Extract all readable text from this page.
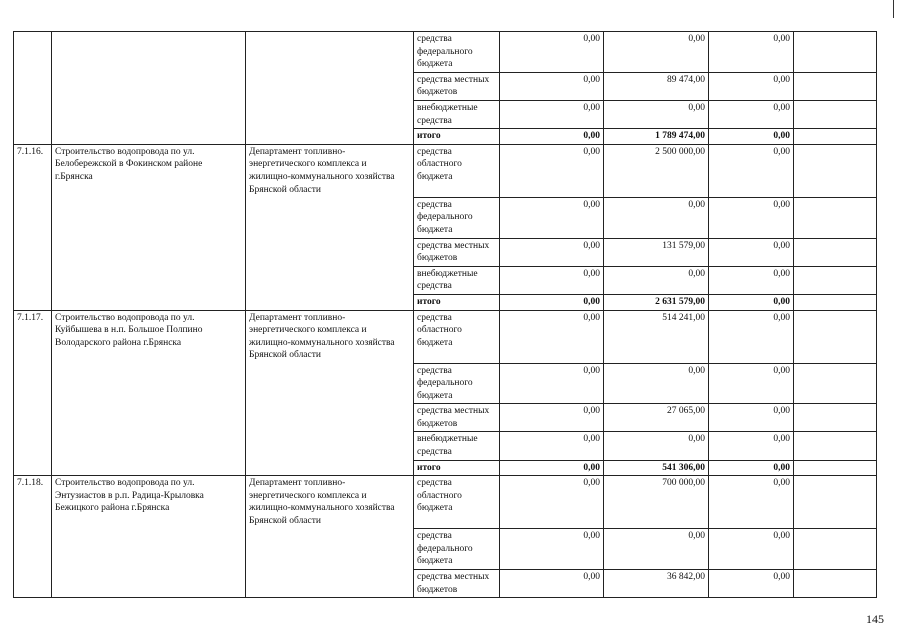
			средства федерального бюджета	0,00	0,00	0,00	
			средства местных бюджетов	0,00	89 474,00	0,00	
			внебюджетные средства	0,00	0,00	0,00	
			итого	0,00	1 789 474,00	0,00	
7.1.16.	Строительство водопровода по ул. Белобережской в Фокинском районе г.Брянска	Департамент топливно-энергетического комплекса и жилищно-коммунального хозяйства Брянской области	средства областного бюджета	0,00	2 500 000,00	0,00	
			средства федерального бюджета	0,00	0,00	0,00	
			средства местных бюджетов	0,00	131 579,00	0,00	
			внебюджетные средства	0,00	0,00	0,00	
			итого	0,00	2 631 579,00	0,00	
7.1.17.	Строительство водопровода по ул. Куйбышева в н.п. Большое Полпино Володарского района г.Брянска	Департамент топливно-энергетического комплекса и жилищно-коммунального хозяйства Брянской области	средства областного бюджета	0,00	514 241,00	0,00	
			средства федерального бюджета	0,00	0,00	0,00	
			средства местных бюджетов	0,00	27 065,00	0,00	
			внебюджетные средства	0,00	0,00	0,00	
			итого	0,00	541 306,00	0,00	
7.1.18.	Строительство водопровода по ул. Энтузиастов в р.п. Радица-Крыловка Бежицкого района г.Брянска	Департамент топливно-энергетического комплекса и жилищно-коммунального хозяйства Брянской области	средства областного бюджета	0,00	700 000,00	0,00	
			средства федерального бюджета	0,00	0,00	0,00	
			средства местных бюджетов	0,00	36 842,00	0,00	
145
